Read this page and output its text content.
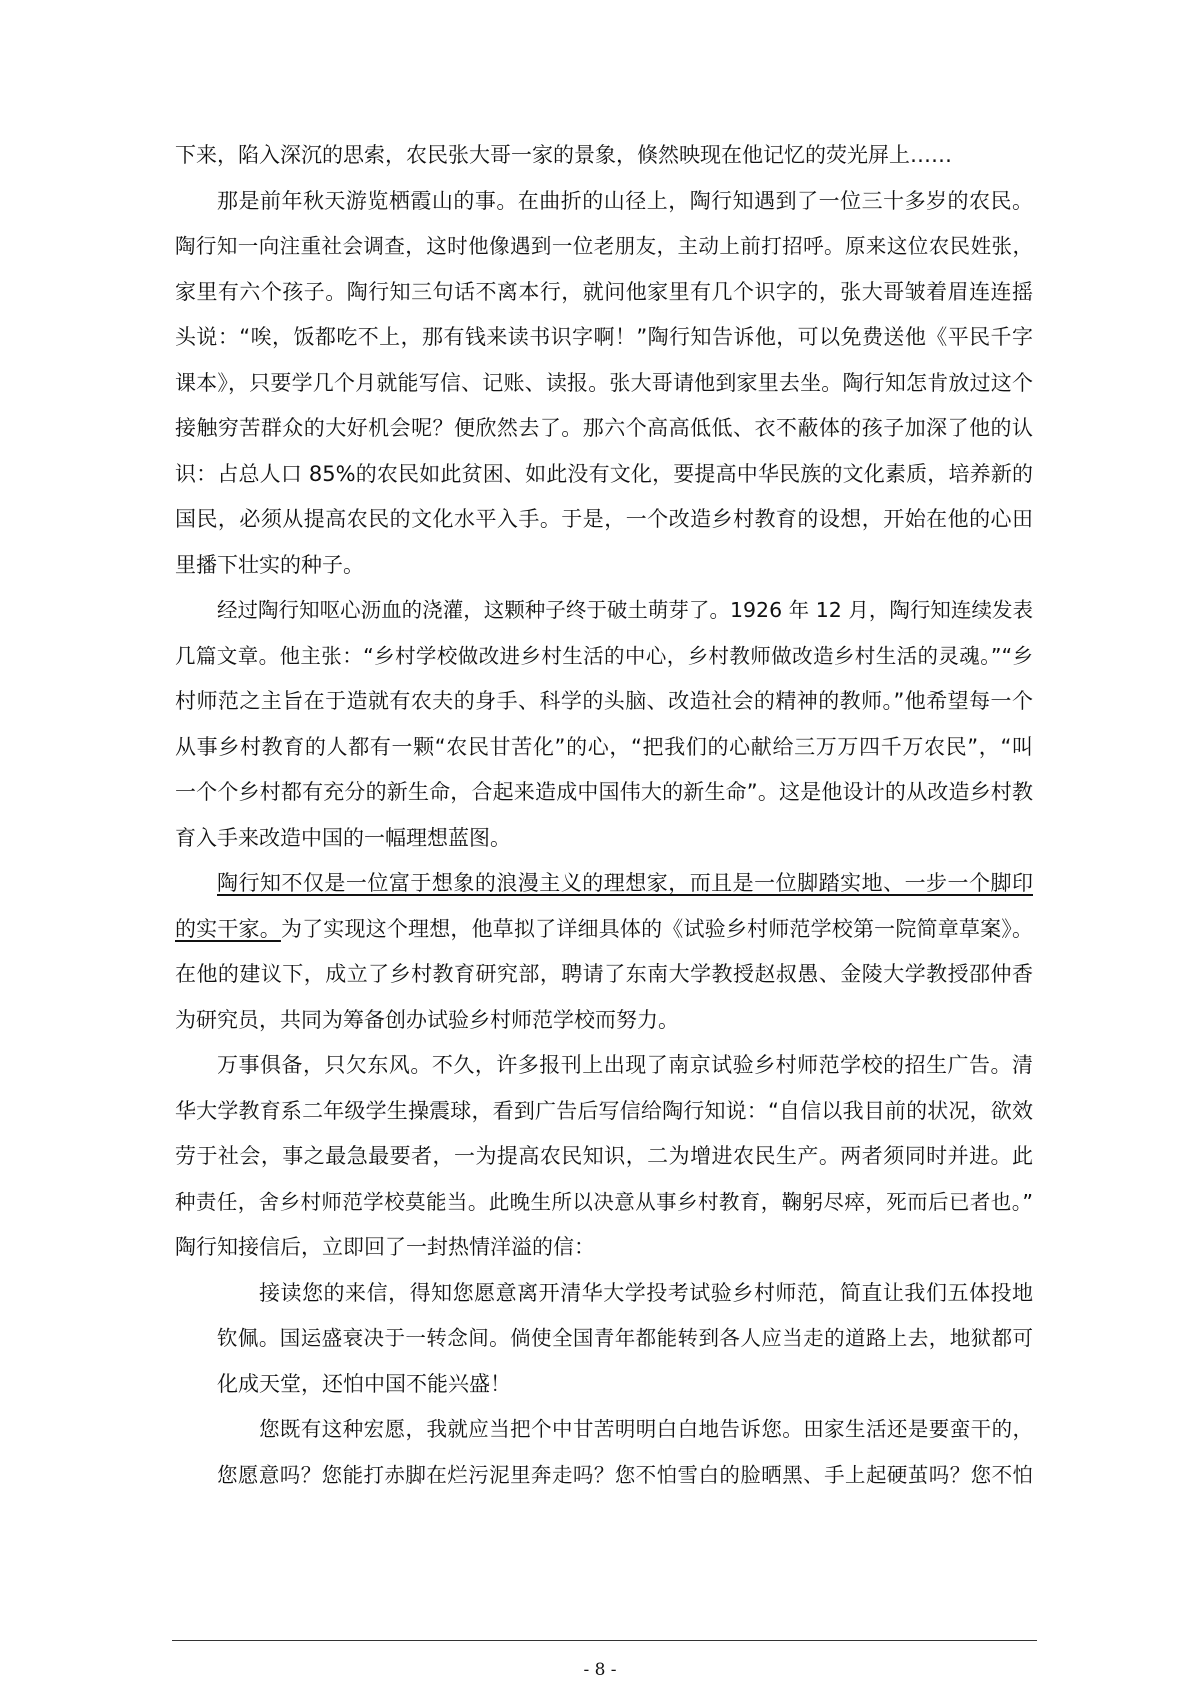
下来，陷入深沉的思索，农民张大哥一家的景象，倏然映现在他记忆的荧光屏上……
那是前年秋天游览栖霞山的事。在曲折的山径上，陶行知遇到了一位三十多岁的农民。
陶行知一向注重社会调查，这时他像遇到一位老朋友，主动上前打招呼。原来这位农民姓张，
家里有六个孩子。陶行知三句话不离本行，就问他家里有几个识字的，张大哥皱着眉连连摇
头说：“唉，饭都吃不上，那有钱来读书识字啊！”陶行知告诉他，可以免费送他《平民千字
课本》，只要学几个月就能写信、记账、读报。张大哥请他到家里去坐。陶行知怎肯放过这个
接触穷苦群众的大好机会呢？便欣然去了。那六个高高低低、衣不蔽体的孩子加深了他的认
识：占总人口 85%的农民如此贫困、如此没有文化，要提高中华民族的文化素质，培养新的
国民，必须从提高农民的文化水平入手。于是，一个改造乡村教育的设想，开始在他的心田
里播下壮实的种子。
经过陶行知呕心沥血的浇灌，这颗种子终于破土萌芽了。1926 年 12 月，陶行知连续发表
几篇文章。他主张：“乡村学校做改进乡村生活的中心，乡村教师做改造乡村生活的灵魂。”“乡
村师范之主旨在于造就有农夫的身手、科学的头脑、改造社会的精神的教师。”他希望每一个
从事乡村教育的人都有一颗“农民甘苦化”的心，“把我们的心献给三万万四千万农民”，“叫
一个个乡村都有充分的新生命，合起来造成中国伟大的新生命”。这是他设计的从改造乡村教
育入手来改造中国的一幅理想蓝图。
陶行知不仅是一位富于想象的浪漫主义的理想家，而且是一位脚踏实地、一步一个脚印
的实干家。为了实现这个理想，他草拟了详细具体的《试验乡村师范学校第一院简章草案》。
在他的建议下，成立了乡村教育研究部，聘请了东南大学教授赵叔愚、金陵大学教授邵仲香
为研究员，共同为筹备创办试验乡村师范学校而努力。
万事俱备，只欠东风。不久，许多报刊上出现了南京试验乡村师范学校的招生广告。清
华大学教育系二年级学生操震球，看到广告后写信给陶行知说：“自信以我目前的状况，欲效
劳于社会，事之最急最要者，一为提高农民知识，二为增进农民生产。两者须同时并进。此
种责任，舍乡村师范学校莫能当。此晚生所以决意从事乡村教育，鞠躬尽瘁，死而后已者也。”
陶行知接信后，立即回了一封热情洋溢的信：
接读您的来信，得知您愿意离开清华大学投考试验乡村师范，简直让我们五体投地
钦佩。国运盛衰决于一转念间。倘使全国青年都能转到各人应当走的道路上去，地狱都可
化成天堂，还怕中国不能兴盛！
您既有这种宏愿，我就应当把个中甘苦明明白白地告诉您。田家生活还是要蛮干的，
您愿意吗？您能打赤脚在烂污泥里奔走吗？您不怕雪白的脸晒黑、手上起硬茧吗？您不怕
- 8 -
